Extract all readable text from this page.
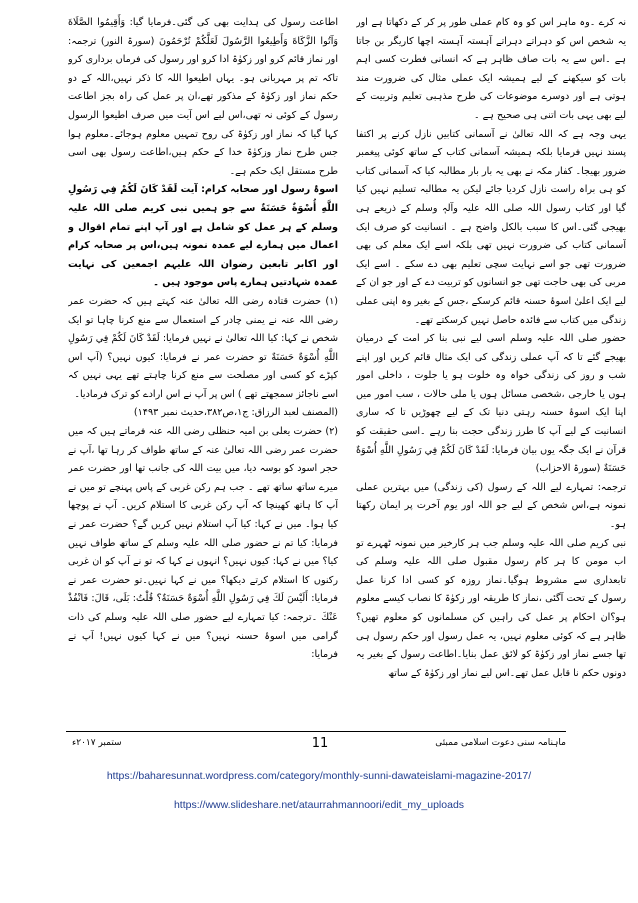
نہ کرے ۔وہ ماہر اس کو وہ کام عملی طور پر کر کے دکھاتا ہے اور یہ شخص اس کو دہراتے دہراتے آہستہ آہستہ اچھا کاریگر بن جاتا ہے ۔اس سے یہ بات صاف ظاہر ہے کہ انسانی فطرت کسی اہم بات کو سیکھنے کے لیے ہمیشہ ایک عملی مثال کی ضرورت مند ہوتی ہے اور دوسرے موضوعات کی طرح مذہبی تعلیم وتربیت کے لیے بھی یہی بات اتنی ہی صحیح ہے ۔

یہی وجہ ہے کہ اللہ تعالیٰ نے آسمانی کتابیں نازل کرنے پر اکتفا پسند نہیں فرمایا بلکہ ہمیشہ آسمانی کتاب کے ساتھ کوئی پیغمبر ضرور بھیجا۔ کفار مکہ نے بھی یہ بار بار مطالبہ کیا کہ آسمانی کتاب کو ہی براہ راست نازل کردیا جائے لیکن یہ مطالبہ تسلیم نہیں کیا گیا اور کتاب رسول اللہ صلی اللہ علیہ وآلہٖ وسلم کے ذریعے ہی بھیجی گئی۔اس کا سبب بالکل واضح ہے ۔ انسانیت کو صرف ایک آسمانی کتاب کی ضرورت نہیں تھی بلکہ اسے ایک معلم کی بھی ضرورت تھی جو اسے نہایت سچی تعلیم بھی دے سکے ۔ اسے ایک مربی کی بھی حاجت تھی جو انسانوں کو تربیت دے کے اور جو ان کے لیے ایک اعلیٰ اسوۂ حسنہ قائم کرسکے ،جس کے بغیر وہ اپنی عملی زندگی میں کتاب سے فائدہ حاصل نہیں کرسکتے تھے۔

حضور صلی اللہ علیہ وسلم اسی لیے نبی بنا کر امت کے درمیان بھیجے گئے تا کہ آپ عملی زندگی کی ایک مثال قائم کریں اور اپنے شب و روز کی زندگی خواہ وہ خلوت ہو یا جلوت ، داخلی امور ہوں یا خارجی ،شخصی مسائل ہوں یا ملی حالات ، سب امور میں اپنا ایک اسوۂ حسنہ رہتی دنیا تک کے لیے چھوڑیں تا کہ ساری انسانیت کے لیے آپ کا طرز زندگی حجت بنا رہے ۔اسی حقیقت کو قرآن نے ایک جگہ یوں بیان فرمایا: لَقَدْ كَانَ لَكُمْ فِي رَسُولِ اللَّهِ أُسْوَةٌ حَسَنَةٌ (سورۃ الاحزاب)

ترجمہ: تمہارے لیے اللہ کے رسول (کی زندگی) میں بہترین عملی نمونہ ہے،اس شخص کے لیے جو اللہ اور یوم آخرت پر ایمان رکھتا ہو۔

نبی کریم صلی اللہ علیہ وسلم جب ہر کارخیر میں نمونہ ٹھہرے تو اب مومن کا ہر کام رسول مقبول صلی اللہ علیہ وسلم کی تابعداری سے مشروط ہوگیا۔نماز روزہ کو کسی ادا کرنا عمل رسول کے تحت آگئی ،نماز کا طریقہ اور زکوٰۃ کا نصاب کیسے معلوم ہو؟ان احکام پر عمل کی راہیں کن مسلمانوں کو معلوم تھیں؟ ظاہر ہے کہ کوئی معلوم نہیں، یہ عمل رسول اور حکم رسول ہی تھا جسے نماز اور زکوٰۃ کو لائق عمل بنایا۔اطاعت رسول کے بغیر یہ دونوں حکم نا قابل عمل تھے۔اس لیے نماز اور زکوٰۃ کے ساتھ

اطاعت رسول کی ہدایت بھی کی گئی۔فرمایا گیا: وَأَقِيمُوا الصَّلَاةَ وَآتُوا الزَّكَاةَ وَأَطِيعُوا الرَّسُولَ لَعَلَّكُمْ تُرْحَمُونَ (سورۃ النور) ترجمہ: اور نماز قائم کرو اور زکوٰۃ ادا کرو اور رسول کی فرماں برداری کرو تاکہ تم پر مہربانی ہو۔ یہاں اطیعوا اللہ کا ذکر نہیں،اللہ کے دو حکم نماز اور زکوٰۃ کے مذکور تھے،ان پر عمل کی راہ بجز اطاعت رسول کے کوئی نہ تھی،اس لیے اس آیت میں صرف اطیعوا الرسول کہا گیا کہ نماز اور زکوٰۃ کی روح تمہیں معلوم ہوجائے۔معلوم ہوا جس طرح نماز وزکوٰۃ خدا کے حکم ہیں،اطاعت رسول بھی اسی طرح مستقل ایک حکم ہے۔

اسوۂ رسول اور صحابہ کرام: آیت لَقَدْ كَانَ لَكُمْ فِي رَسُولِ اللَّهِ أُسْوَةٌ حَسَنَةٌ سے جو ہمیں نبی کریم صلی اللہ علیہ وسلم کے ہر عمل کو شامل ہے اور آپ اپنے تمام اقوال و اعمال میں ہمارے لیے عمدہ نمونہ ہیں،اس پر صحابہ کرام اور اکابر تابعین رضوان اللہ علیہم اجمعین کی نہایت عمدہ شہادتیں ہمارے پاس موجود ہیں ۔

(۱) حضرت قتادہ رضی اللہ تعالیٰ عنہ کہتے ہیں کہ حضرت عمر رضی اللہ عنہ نے یمنی چادر کے استعمال سے منع کرنا چاہا تو ایک شخص نے کہا: کیا اللہ تعالیٰ نے نہیں فرمایا: لَقَدْ كَانَ لَكُمْ فِي رَسُولِ اللَّهِ أُسْوَةٌ حَسَنَةٌ تو حضرت عمر نے فرمایا: کیوں نہیں؟ (آپ اس کپڑے کو کسی اور مصلحت سے منع کرنا چاہتے تھے یہی نہیں کہ اسے ناجائز سمجھتے تھے ) اس پر آپ نے اس ارادے کو ترک فرمادیا۔

(المصنف لعبد الرزاق: ج۱،ص۳۸۲،حدیث نمبر ۱۴۹۳)

(۲) حضرت یعلی بن امیہ حنظلی رضی اللہ عنہ فرماتے ہیں کہ میں حضرت عمر رضی اللہ تعالیٰ عنہ کے ساتھ طواف کر رہا تھا ،آپ نے حجر اسود کو بوسہ دیا، میں بیت اللہ کی جانب تھا اور حضرت عمر میرے ساتھ ساتھ تھے ۔ جب ہم رکن غربی کے پاس پہنچے تو میں نے آپ کا ہاتھ کھینچا کہ آپ رکن غربی کا استلام کریں۔ آپ نے پوچھا کیا ہوا۔ میں نے کہا: کیا آپ استلام نہیں کریں گے؟ حضرت عمر نے فرمایا: کیا تم نے حضور صلی اللہ علیہ وسلم کے ساتھ طواف نہیں کیا؟ میں نے کہا: کیوں نہیں؟ انہوں نے کہا کہ تو نے آپ کو ان غربی رکنوں کا استلام کرتے دیکھا؟ میں نے کہا نہیں۔تو حضرت عمر نے فرمایا: أَلَيْسَ لَكَ فِي رَسُولِ اللَّهِ أُسْوَةٌ حَسَنَةٌ؟ قُلْتُ: بَلَى، قَالَ: فَانْفُذْ عَنْكَ ۔ترجمہ: کیا تمہارے لیے حضور صلی اللہ علیہ وسلم کی ذات گرامی میں اسوۂ حسنہ نہیں؟ میں نے کہا کیوں نہیں! آپ نے فرمایا:

ماہنامہ سنی دعوت اسلامی ممبئی
11
ستمبر ۲۰۱۷ء
https://baharesunnat.wordpress.com/category/monthly-sunni-dawateislami-magazine-2017/
https://www.slideshare.net/ataurrahmannoori/edit_my_uploads
